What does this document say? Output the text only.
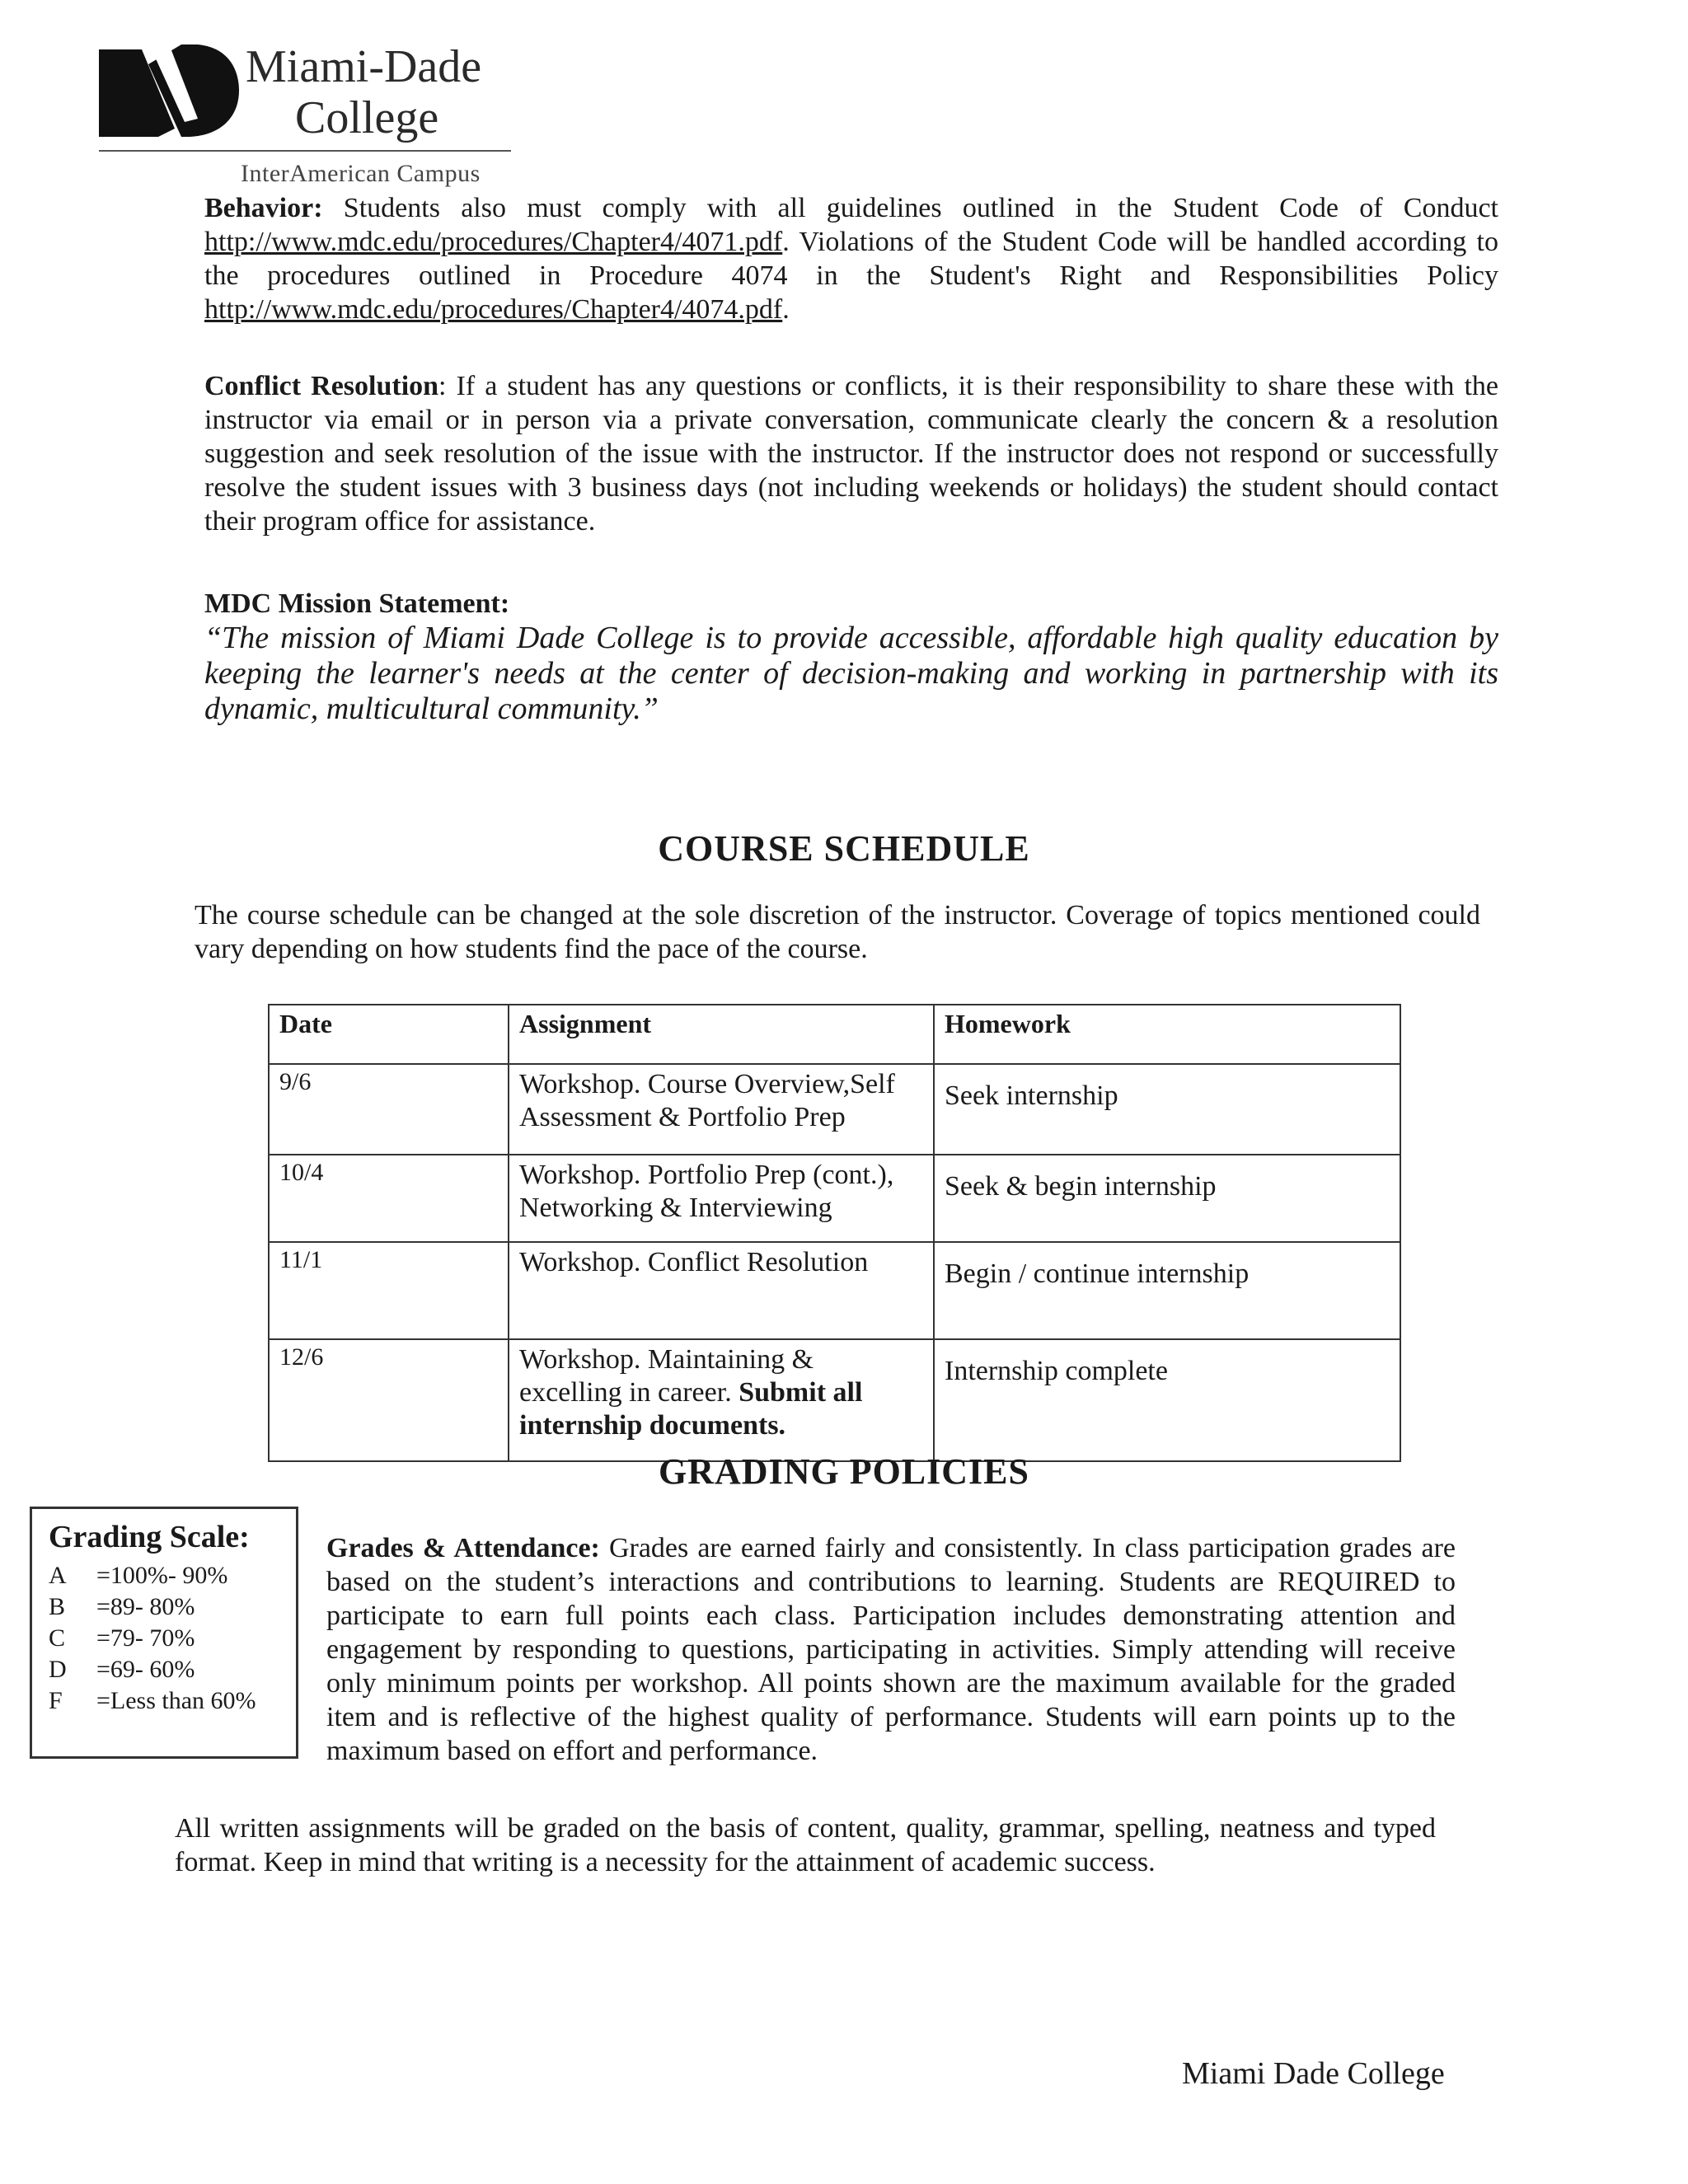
Miami-Dade
College
InterAmerican Campus

Behavior: Students also must comply with all guidelines outlined in the Student Code of Conduct http://www.mdc.edu/procedures/Chapter4/4071.pdf. Violations of the Student Code will be handled according to the procedures outlined in Procedure 4074 in the Student's Right and Responsibilities Policy http://www.mdc.edu/procedures/Chapter4/4074.pdf.

Conflict Resolution: If a student has any questions or conflicts, it is their responsibility to share these with the instructor via email or in person via a private conversation, communicate clearly the concern & a resolution suggestion and seek resolution of the issue with the instructor. If the instructor does not respond or successfully resolve the student issues with 3 business days (not including weekends or holidays) the student should contact their program office for assistance.

MDC Mission Statement:
“The mission of Miami Dade College is to provide accessible, affordable high quality education by keeping the learner's needs at the center of decision-making and working in partnership with its dynamic, multicultural community.”
COURSE SCHEDULE

The course schedule can be changed at the sole discretion of the instructor. Coverage of topics mentioned could vary depending on how students find the pace of the course.

Date	Assignment	Homework
9/6	Workshop. Course Overview,Self Assessment & Portfolio Prep	Seek internship
10/4	Workshop. Portfolio Prep (cont.), Networking & Interviewing	Seek & begin internship
11/1	Workshop. Conflict Resolution	Begin / continue internship
12/6	Workshop. Maintaining & excelling in career. Submit all internship documents.	Internship complete
GRADING POLICIES
Grading Scale:
A	=100%- 90%
B	=89- 80%
C	=79- 70%
D	=69- 60%
F	=Less than 60%

Grades & Attendance: Grades are earned fairly and consistently. In class participation grades are based on the student’s interactions and contributions to learning. Students are REQUIRED to participate to earn full points each class. Participation includes demonstrating attention and engagement by responding to questions, participating in activities. Simply attending will receive only minimum points per workshop. All points shown are the maximum available for the graded item and is reflective of the highest quality of performance. Students will earn points up to the maximum based on effort and performance.

All written assignments will be graded on the basis of content, quality, grammar, spelling, neatness and typed format. Keep in mind that writing is a necessity for the attainment of academic success.

Miami Dade College
